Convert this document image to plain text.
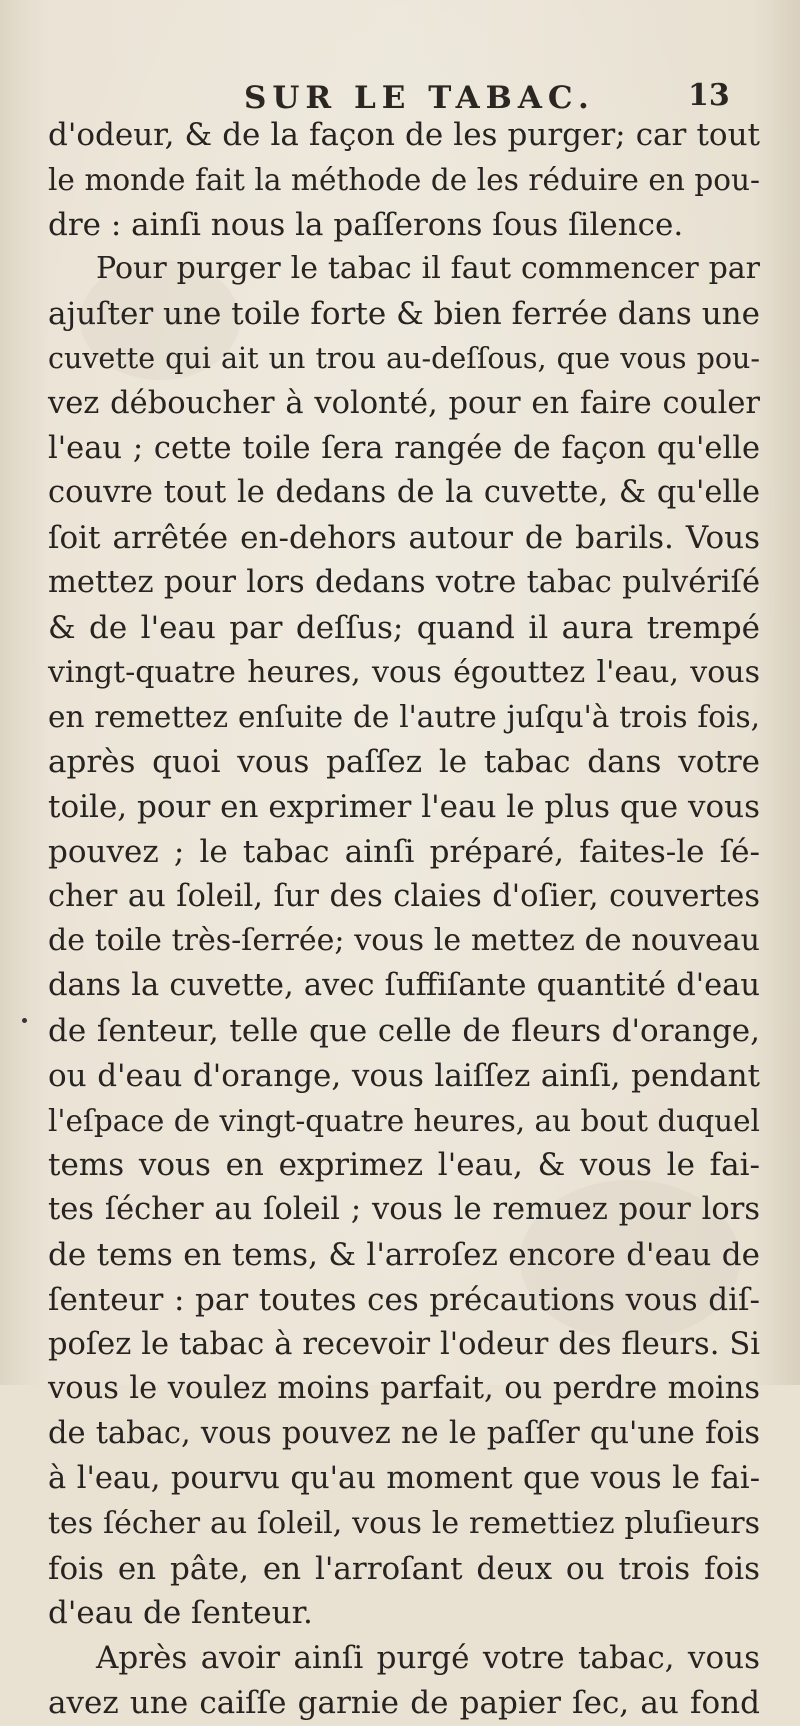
SUR LE TABAC.	13
d'odeur, & de la façon de les purger; car tout
le monde fait la méthode de les réduire en pou-
dre : ainſi nous la paſſerons ſous ſilence.
Pour purger le tabac il faut commencer par
ajuſter une toile forte & bien ferrée dans une
cuvette qui ait un trou au-deſſous, que vous pou-
vez déboucher à volonté, pour en faire couler
l'eau ; cette toile ſera rangée de façon qu'elle
couvre tout le dedans de la cuvette, & qu'elle
ſoit arrêtée en-dehors autour de barils. Vous
mettez pour lors dedans votre tabac pulvériſé
& de l'eau par deſſus; quand il aura trempé
vingt-quatre heures, vous égouttez l'eau, vous
en remettez enſuite de l'autre juſqu'à trois fois,
après quoi vous paſſez le tabac dans votre
toile, pour en exprimer l'eau le plus que vous
pouvez ; le tabac ainſi préparé, faites-le ſé-
cher au ſoleil, ſur des claies d'oſier, couvertes
de toile très-ſerrée; vous le mettez de nouveau
dans la cuvette, avec ſuffiſante quantité d'eau
de ſenteur, telle que celle de fleurs d'orange,
ou d'eau d'orange, vous laiſſez ainſi, pendant
l'eſpace de vingt-quatre heures, au bout duquel
tems vous en exprimez l'eau, & vous le fai-
tes ſécher au ſoleil ; vous le remuez pour lors
de tems en tems, & l'arroſez encore d'eau de
ſenteur : par toutes ces précautions vous diſ-
poſez le tabac à recevoir l'odeur des fleurs. Si
vous le voulez moins parfait, ou perdre moins
de tabac, vous pouvez ne le paſſer qu'une fois
à l'eau, pourvu qu'au moment que vous le fai-
tes ſécher au ſoleil, vous le remettiez pluſieurs
fois en pâte, en l'arroſant deux ou trois fois
d'eau de ſenteur.
Après avoir ainſi purgé votre tabac, vous
avez une caiſſe garnie de papier ſec, au fond
